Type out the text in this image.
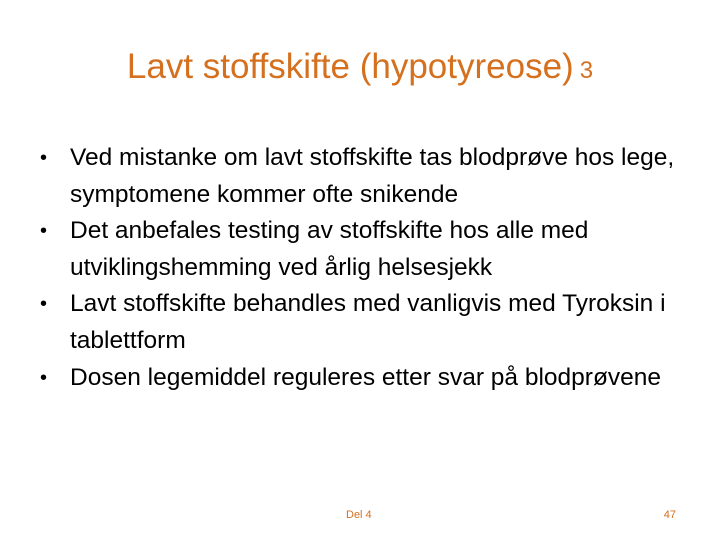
Lavt stoffskifte (hypotyreose) 3
• Ved mistanke om lavt stoffskifte tas blodprøve hos lege, symptomene kommer ofte snikende
• Det anbefales testing av stoffskifte hos alle med utviklingshemming ved årlig helsesjekk
• Lavt stoffskifte behandles med vanligvis med Tyroksin i tablettform
• Dosen legemiddel reguleres etter svar på blodprøvene
Del 4	47
